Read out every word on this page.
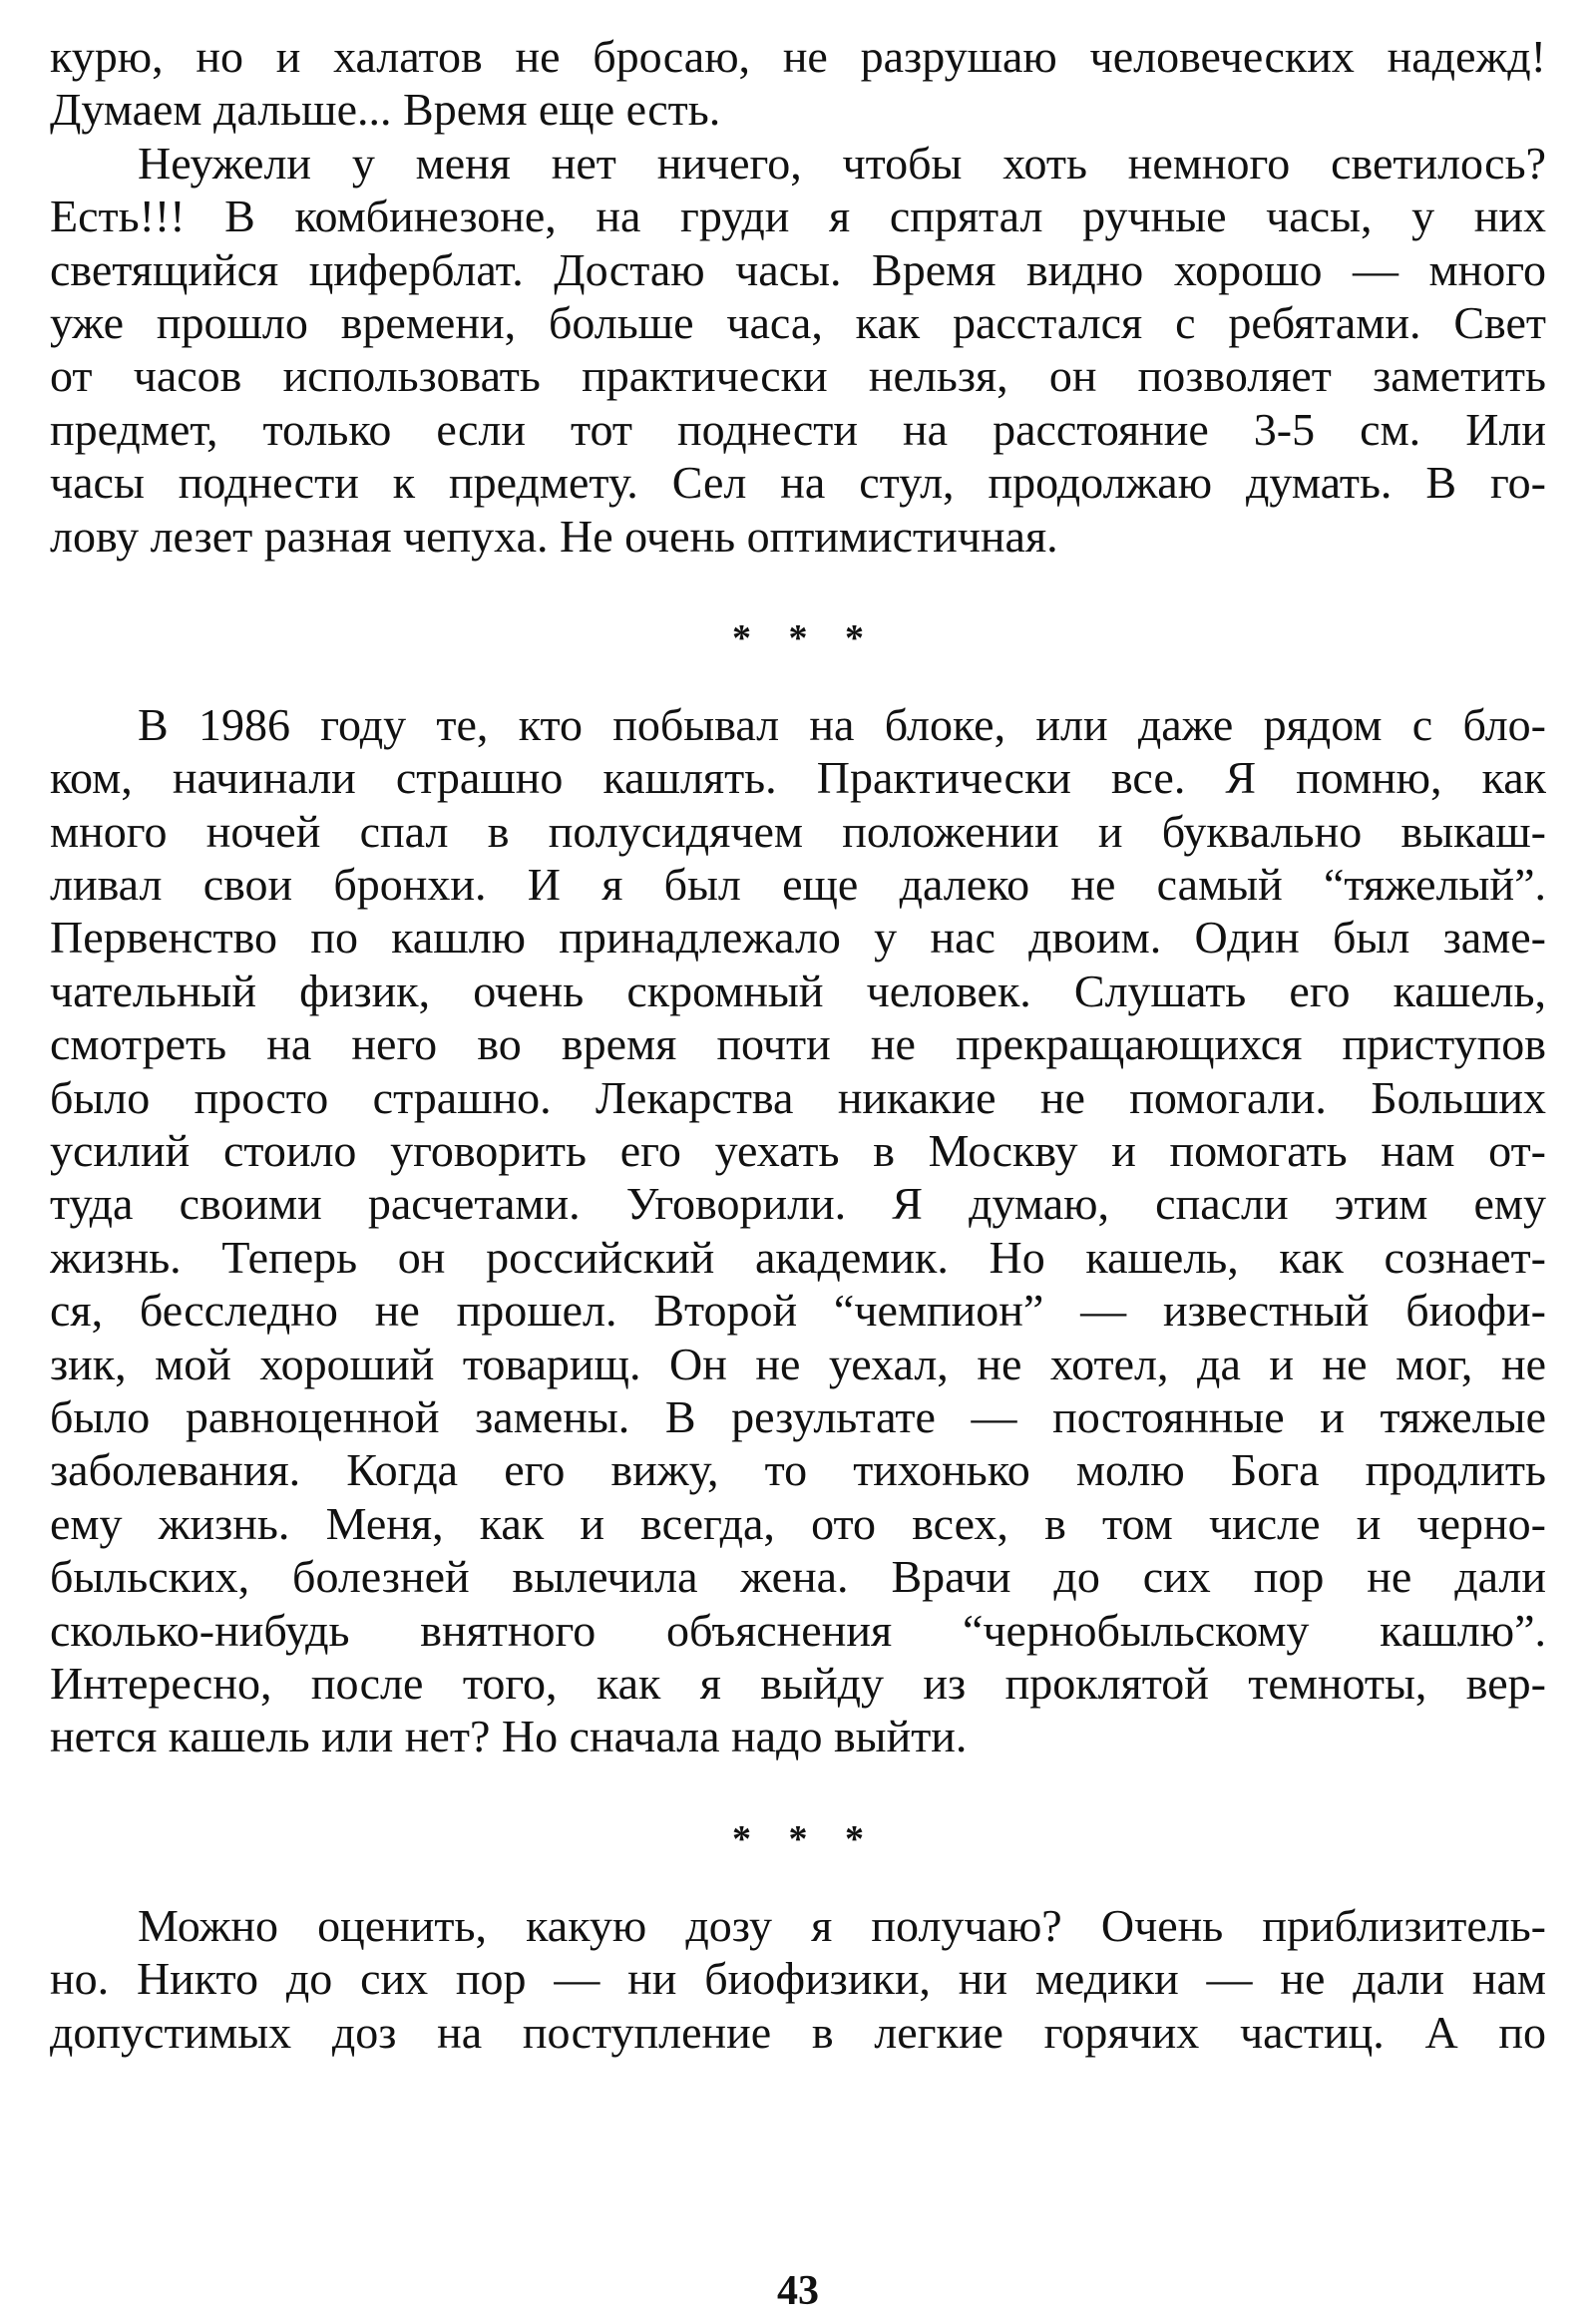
курю, но и халатов не бросаю, не разрушаю человеческих надежд!
Думаем дальше... Время еще есть.
Неужели у меня нет ничего, чтобы хоть немного светилось?
Есть!!! В комбинезоне, на груди я спрятал ручные часы, у них
светящийся циферблат. Достаю часы. Время видно хорошо — много
уже прошло времени, больше часа, как расстался с ребятами. Свет
от часов использовать практически нельзя, он позволяет заметить
предмет, только если тот поднести на расстояние 3-5 см. Или
часы поднести к предмету. Сел на стул, продолжаю думать. В го-
лову лезет разная чепуха. Не очень оптимистичная.
* * *
В 1986 году те, кто побывал на блоке, или даже рядом с бло-
ком, начинали страшно кашлять. Практически все. Я помню, как
много ночей спал в полусидячем положении и буквально выкаш-
ливал свои бронхи. И я был еще далеко не самый “тяжелый”.
Первенство по кашлю принадлежало у нас двоим. Один был заме-
чательный физик, очень скромный человек. Слушать его кашель,
смотреть на него во время почти не прекращающихся приступов
было просто страшно. Лекарства никакие не помогали. Больших
усилий стоило уговорить его уехать в Москву и помогать нам от-
туда своими расчетами. Уговорили. Я думаю, спасли этим ему
жизнь. Теперь он российский академик. Но кашель, как сознает-
ся, бесследно не прошел. Второй “чемпион” — известный биофи-
зик, мой хороший товарищ. Он не уехал, не хотел, да и не мог, не
было равноценной замены. В результате — постоянные и тяжелые
заболевания. Когда его вижу, то тихонько молю Бога продлить
ему жизнь. Меня, как и всегда, ото всех, в том числе и черно-
быльских, болезней вылечила жена. Врачи до сих пор не дали
сколько-нибудь внятного объяснения “чернобыльскому кашлю”.
Интересно, после того, как я выйду из проклятой темноты, вер-
нется кашель или нет? Но сначала надо выйти.
* * *
Можно оценить, какую дозу я получаю? Очень приблизитель-
но. Никто до сих пор — ни биофизики, ни медики — не дали нам
допустимых доз на поступление в легкие горячих частиц. А по
43
